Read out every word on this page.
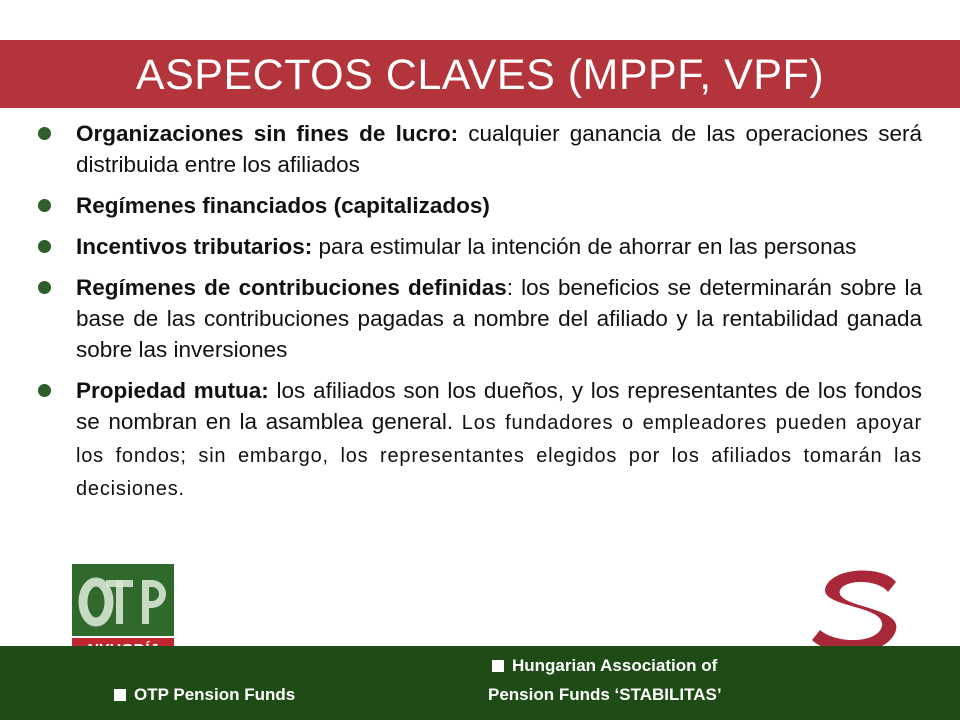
ASPECTOS CLAVES (MPPF, VPF)
Organizaciones sin fines de lucro: cualquier ganancia de las operaciones será distribuida entre los afiliados
Regímenes financiados (capitalizados)
Incentivos tributarios: para estimular la intención de ahorrar en las personas
Regímenes de contribuciones definidas: los beneficios se determinarán sobre la base de las contribuciones pagadas a nombre del afiliado y la rentabilidad ganada sobre las inversiones
Propiedad mutua: los afiliados son los dueños, y los representantes de los fondos se nombran en la asamblea general. Los fundadores o empleadores pueden apoyar los fondos; sin embargo, los representantes elegidos por los afiliados tomarán las decisiones.
Hungarian Association of
OTP Pension Funds	Pension Funds ‘STABILITAS’
